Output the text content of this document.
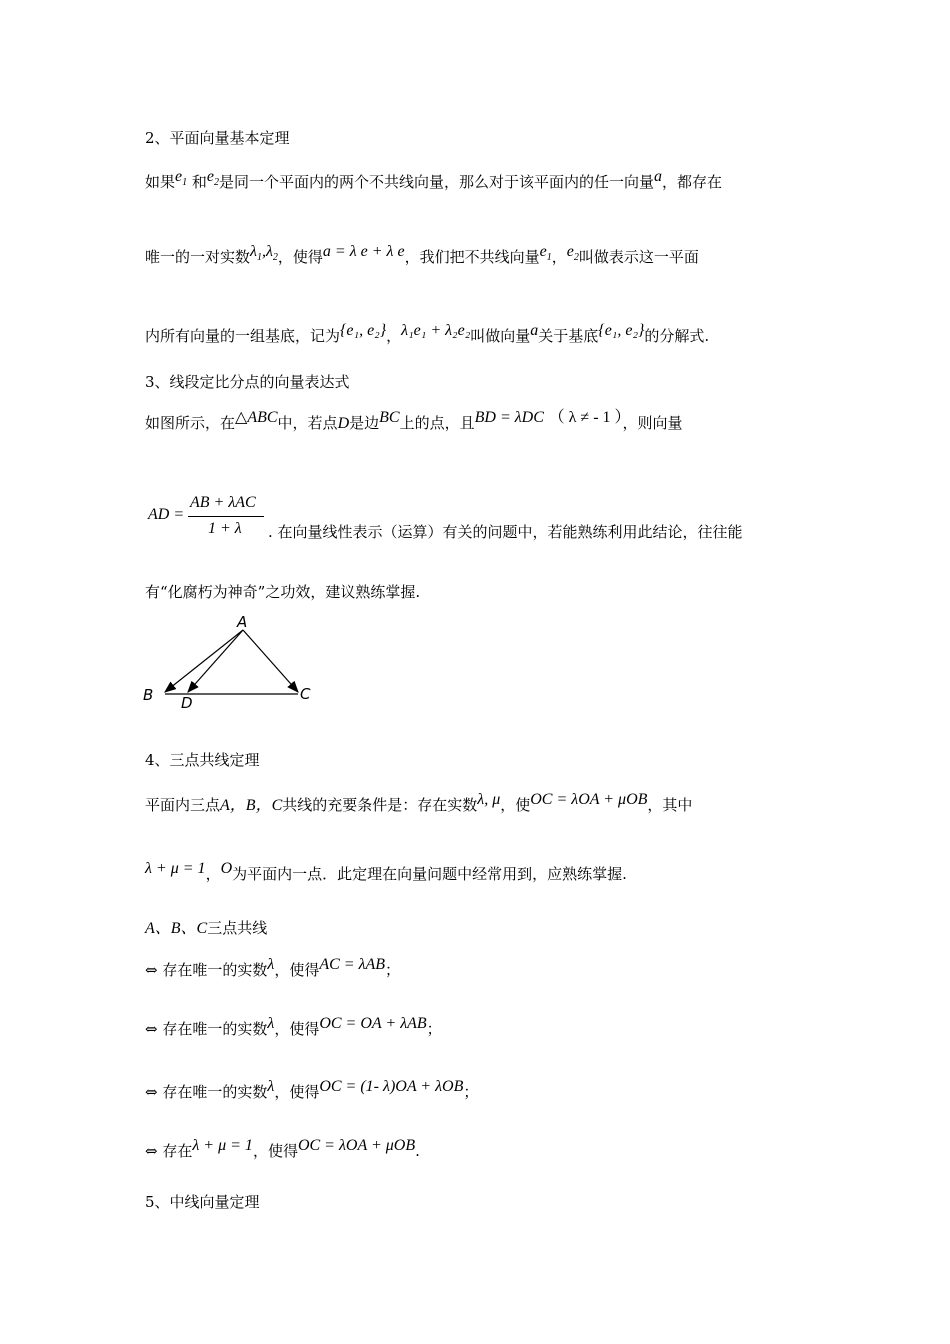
2、平面向量基本定理
如果$e_1$ 和$e_2$是同一个平面内的两个不共线向量，那么对于该平面内的任一向量a，都存在
唯一的一对实数$\lambda_1,\lambda_2$，使得a = λ e + λ e，我们把不共线向量$e_1$，$e_2$叫做表示这一平面
内所有向量的一组基底，记为{e₁, e₂}，λ₁e₁ + λ₂e₂叫做向量a关于基底{e₁, e₂}的分解式.
3、线段定比分点的向量表达式
如图所示，在△ABC中，若点D是边BC上的点，且BD = λDC （ λ ≠ - 1 ），则向量
AD =
AB + λAC
1 + λ . 在向量线性表示（运算）有关的问题中，若能熟练利用此结论，往往能
有“化腐朽为神奇”之功效，建议熟练掌握.
A
B D	C
4、三点共线定理
平面内三点A，B，C共线的充要条件是：存在实数λ, μ，使OC = λOA + μOB，其中
λ + μ = 1，O为平面内一点．此定理在向量问题中经常用到，应熟练掌握.
A、B、C三点共线
⇔ 存在唯一的实数λ，使得AC = λAB；
⇔ 存在唯一的实数λ，使得OC = OA + λAB；
⇔ 存在唯一的实数λ，使得OC = (1- λ)OA + λOB；
⇔ 存在λ + μ = 1，使得OC = λOA + μOB.
5、中线向量定理
